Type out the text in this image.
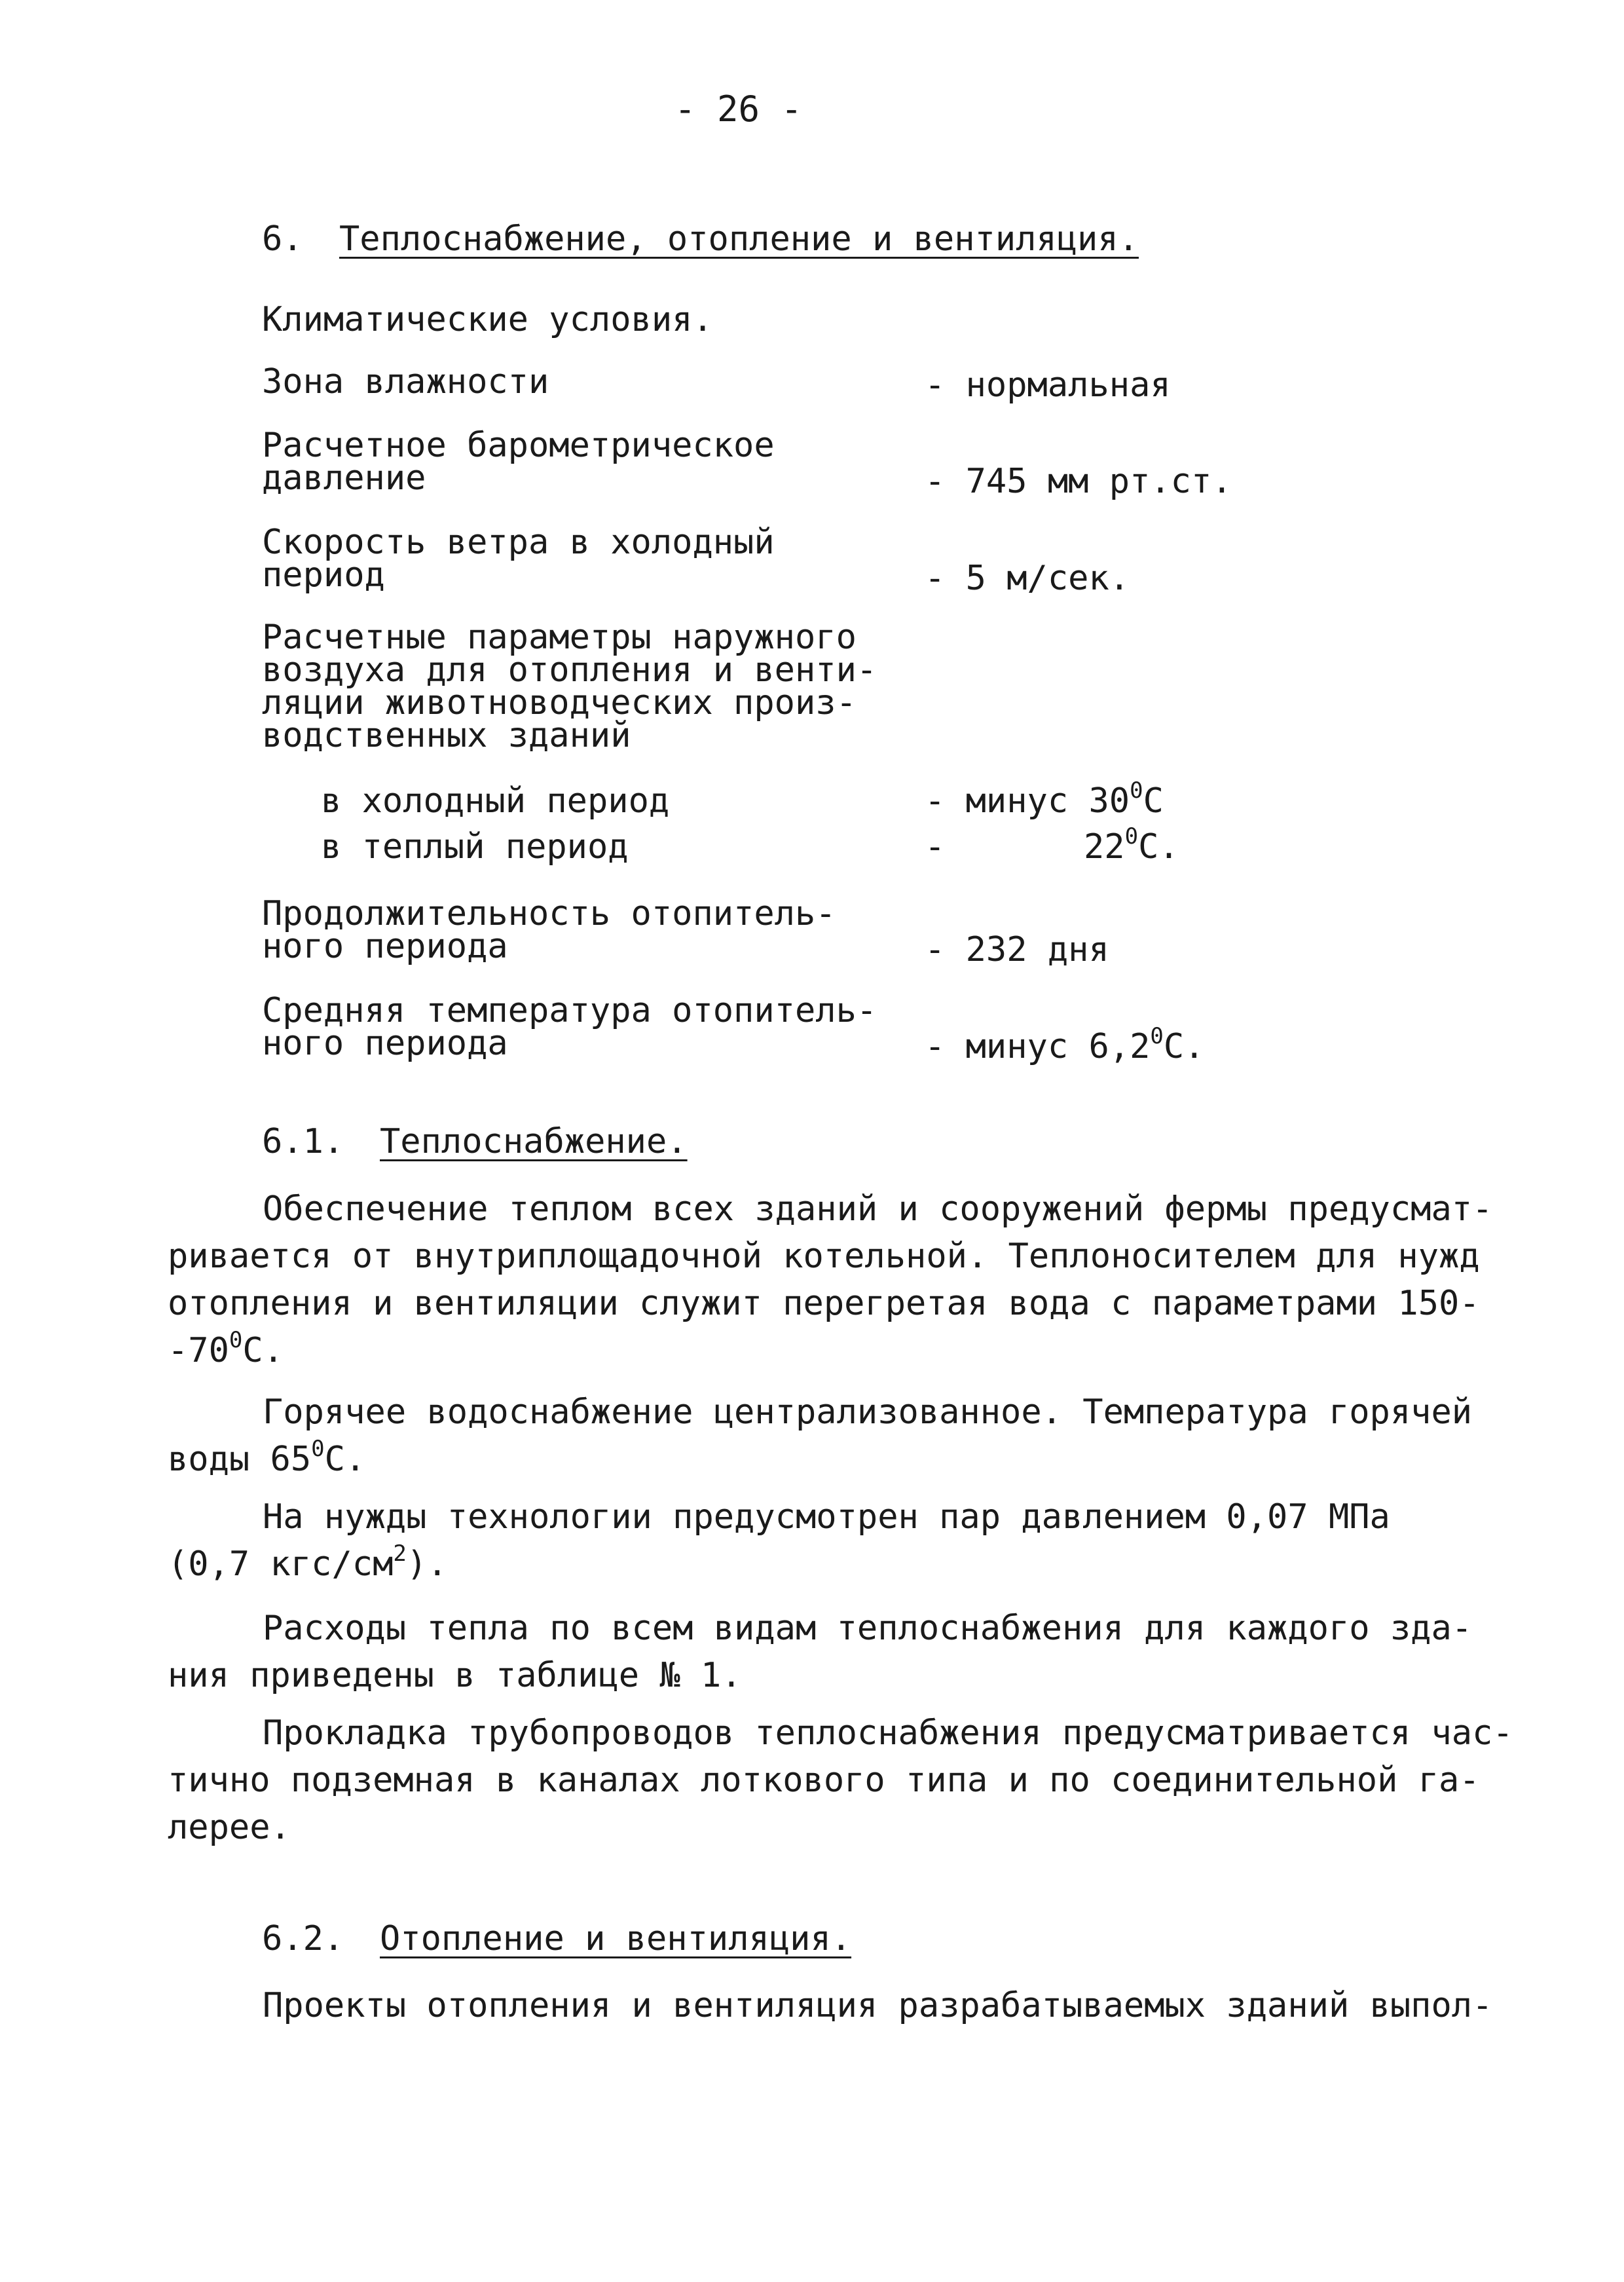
- 26 -
6. Теплоснабжение, отопление и вентиляция.
Климатические условия.
Зона влажности	- нормальная
Расчетное барометрическое
давление	- 745 мм рт.ст.
Скорость ветра в холодный
период	- 5 м/сек.
Расчетные параметры наружного
воздуха для отопления и венти-
ляции животноводческих произ-
водственных зданий
в холодный период	- минус $30^0C$
в теплый период	-	$22^0C$.
Продолжительность отопитель-
ного периода	- 232 дня
Средняя температура отопитель-
ного периода	- минус $6,2^0C$.
6.1. Теплоснабжение.
Обеспечение теплом всех зданий и сооружений фермы предусмат-
ривается от внутриплощадочной котельной. Теплоносителем для нужд
отопления и вентиляции служит перегретая вода с параметрами 150-
$-70^0C$.
Горячее водоснабжение централизованное. Температура горячей
воды $65^0C$.
На нужды технологии предусмотрен пар давлением 0,07 МПа
(0,7 кгс/$см^2$).
Расходы тепла по всем видам теплоснабжения для каждого зда-
ния приведены в таблице № 1.
Прокладка трубопроводов теплоснабжения предусматривается час-
тично подземная в каналах лоткового типа и по соединительной га-
лерее.
6.2. Отопление и вентиляция.
Проекты отопления и вентиляция разрабатываемых зданий выпол-
